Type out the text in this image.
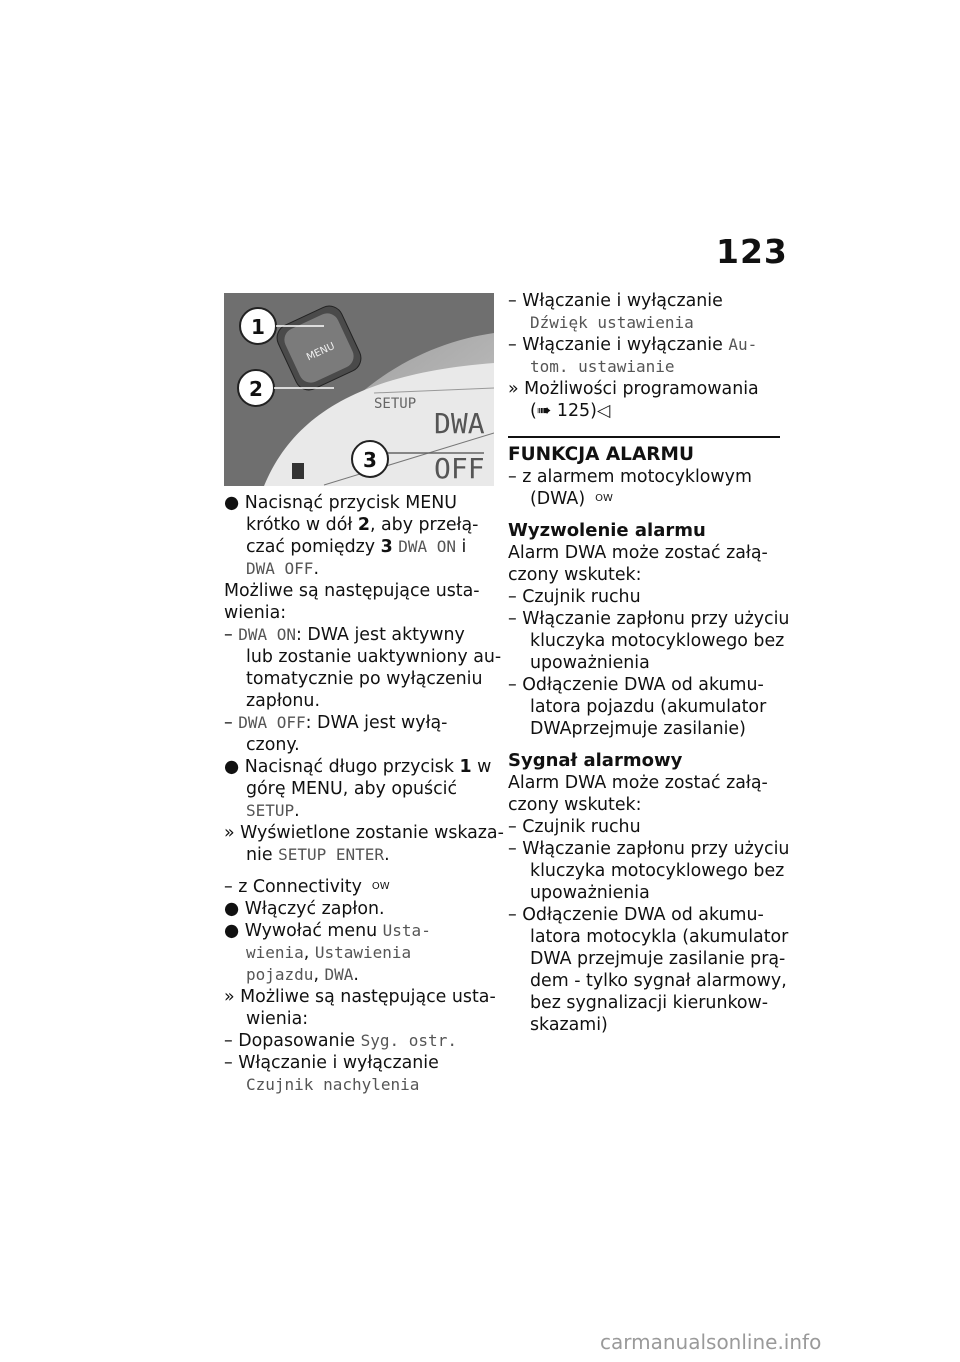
123
MENU
SETUP
DWA
OFF
1
2
3
● Nacisnąć przycisk MENU
krótko w dół 2, aby przełą-
czać pomiędzy 3 DWA ON i
DWA OFF.
Możliwe są następujące usta-
wienia:
– DWA ON: DWA jest aktywny
lub zostanie uaktywniony au-
tomatycznie po wyłączeniu
zapłonu.
– DWA OFF: DWA jest wyłą-
czony.
● Nacisnąć długo przycisk 1 w
górę MENU, aby opuścić
SETUP.
» Wyświetlone zostanie wskaza-
nie SETUP ENTER.
– z Connectivity $^{OW}$
● Włączyć zapłon.
● Wywołać menu Usta-
wienia, Ustawienia
pojazdu, DWA.
» Możliwe są następujące usta-
wienia:
– Dopasowanie Syg. ostr.
– Włączanie i wyłączanie
Czujnik nachylenia
– Włączanie i wyłączanie
Dźwięk ustawienia
– Włączanie i wyłączanie Au-
tom. ustawianie
» Możliwości programowania
(➠ 125)◁
FUNKCJA ALARMU
– z alarmem motocyklowym
(DWA) $^{OW}$
Wyzwolenie alarmu
Alarm DWA może zostać załą-
czony wskutek:
– Czujnik ruchu
– Włączanie zapłonu przy użyciu
kluczyka motocyklowego bez
upoważnienia
– Odłączenie DWA od akumu-
latora pojazdu (akumulator
DWAprzejmuje zasilanie)
Sygnał alarmowy
Alarm DWA może zostać załą-
czony wskutek:
– Czujnik ruchu
– Włączanie zapłonu przy użyciu
kluczyka motocyklowego bez
upoważnienia
– Odłączenie DWA od akumu-
latora motocykla (akumulator
DWA przejmuje zasilanie prą-
dem - tylko sygnał alarmowy,
bez sygnalizacji kierunkow-
skazami)
carmanualsonline.info
